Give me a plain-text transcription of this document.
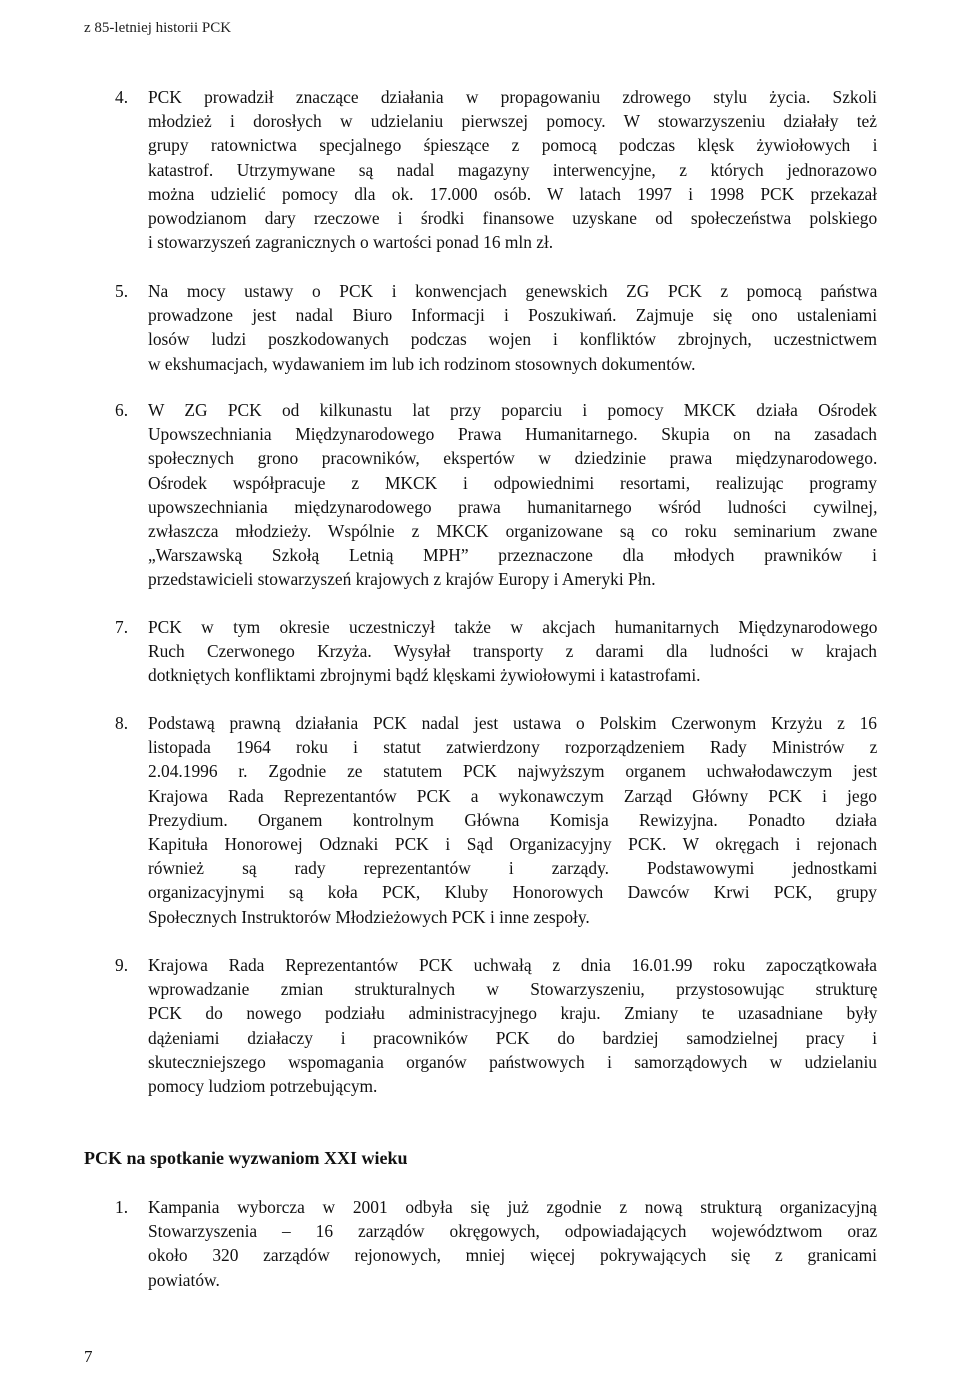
z 85-letniej historii PCK
4.	PCK prowadził znaczące działania w propagowaniu zdrowego stylu życia. Szkoli
młodzież i dorosłych w udzielaniu pierwszej pomocy. W stowarzyszeniu działały też
grupy ratownictwa specjalnego śpieszące z pomocą podczas klęsk żywiołowych i
katastrof. Utrzymywane są nadal magazyny interwencyjne, z których jednorazowo
można udzielić pomocy dla ok. 17.000 osób. W latach 1997 i 1998 PCK przekazał
powodzianom dary rzeczowe i środki finansowe uzyskane od społeczeństwa polskiego
i stowarzyszeń zagranicznych o wartości ponad 16 mln zł.
5.	Na mocy ustawy o PCK i konwencjach genewskich ZG PCK z pomocą państwa
prowadzone jest nadal Biuro Informacji i Poszukiwań. Zajmuje się ono ustaleniami
losów ludzi poszkodowanych podczas wojen i konfliktów zbrojnych, uczestnictwem
w ekshumacjach, wydawaniem im lub ich rodzinom stosownych dokumentów.
6.	W ZG PCK od kilkunastu lat przy poparciu i pomocy MKCK działa Ośrodek
Upowszechniania Międzynarodowego Prawa Humanitarnego. Skupia on na zasadach
społecznych grono pracowników, ekspertów w dziedzinie prawa międzynarodowego.
Ośrodek współpracuje z MKCK i odpowiednimi resortami, realizując programy
upowszechniania międzynarodowego prawa humanitarnego wśród ludności cywilnej,
zwłaszcza młodzieży. Wspólnie z MKCK organizowane są co roku seminarium zwane
„Warszawską Szkołą Letnią MPH” przeznaczone dla młodych prawników i
przedstawicieli stowarzyszeń krajowych z krajów Europy i Ameryki Płn.
7.	PCK w tym okresie uczestniczył także w akcjach humanitarnych Międzynarodowego
Ruch Czerwonego Krzyża. Wysyłał transporty z darami dla ludności w krajach
dotkniętych konfliktami zbrojnymi bądź klęskami żywiołowymi i katastrofami.
8.	Podstawą prawną działania PCK nadal jest ustawa o Polskim Czerwonym Krzyżu z 16
listopada 1964 roku i statut zatwierdzony rozporządzeniem Rady Ministrów z
2.04.1996 r. Zgodnie ze statutem PCK najwyższym organem uchwałodawczym jest
Krajowa Rada Reprezentantów PCK a wykonawczym Zarząd Główny PCK i jego
Prezydium. Organem kontrolnym Główna Komisja Rewizyjna. Ponadto działa
Kapituła Honorowej Odznaki PCK i Sąd Organizacyjny PCK. W okręgach i rejonach
również są rady reprezentantów i zarządy. Podstawowymi jednostkami
organizacyjnymi są koła PCK, Kluby Honorowych Dawców Krwi PCK, grupy
Społecznych Instruktorów Młodzieżowych PCK i inne zespoły.
9.	Krajowa Rada Reprezentantów PCK uchwałą z dnia 16.01.99 roku zapoczątkowała
wprowadzanie zmian strukturalnych w Stowarzyszeniu, przystosowując strukturę
PCK do nowego podziału administracyjnego kraju. Zmiany te uzasadniane były
dążeniami działaczy i pracowników PCK do bardziej samodzielnej pracy i
skuteczniejszego wspomagania organów państwowych i samorządowych w udzielaniu
pomocy ludziom potrzebującym.
PCK na spotkanie wyzwaniom XXI wieku
1.	Kampania wyborcza w 2001 odbyła się już zgodnie z nową strukturą organizacyjną
Stowarzyszenia – 16 zarządów okręgowych, odpowiadających województwom oraz
około 320 zarządów rejonowych, mniej więcej pokrywających się z granicami
powiatów.
7
